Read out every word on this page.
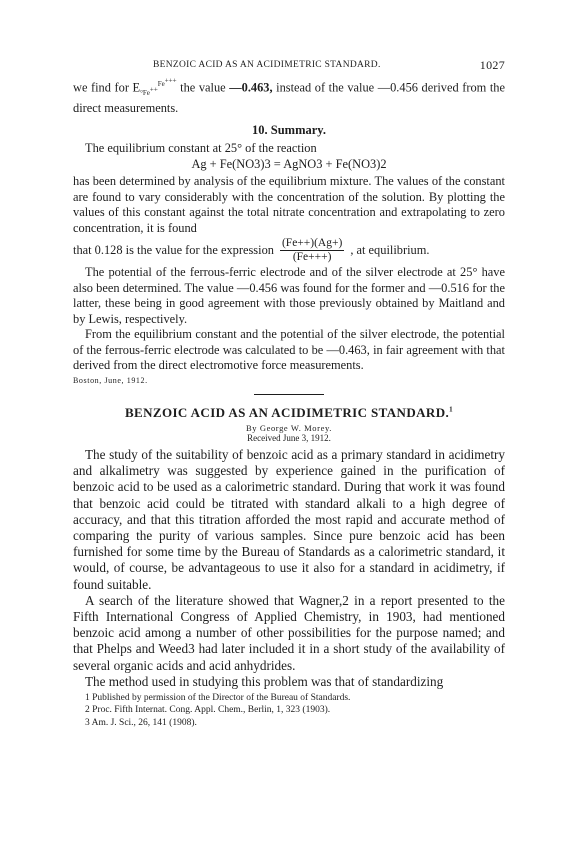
BENZOIC ACID AS AN ACIDIMETRIC STANDARD.	1027

we find for $E_{^\circ Fe^{++}}^{Fe^{+++}}$ the value —0.463, instead of the value —0.456 derived from the direct measurements.

10. Summary.

The equilibrium constant at 25° of the reaction

Ag + Fe(NO3)3 = AgNO3 + Fe(NO3)2

has been determined by analysis of the equilibrium mixture. The values of the constant are found to vary considerably with the concentration of the solution. By plotting the values of this constant against the total nitrate concentration and extrapolating to zero concentration, it is found

that 0.128 is the value for the expression $\frac{(Fe++)(Ag+)}{(Fe+++)}$ , at equilibrium.

The potential of the ferrous-ferric electrode and of the silver electrode at 25° have also been determined. The value —0.456 was found for the former and —0.516 for the latter, these being in good agreement with those previously obtained by Maitland and by Lewis, respectively.

From the equilibrium constant and the potential of the silver electrode, the potential of the ferrous-ferric electrode was calculated to be —0.463, in fair agreement with that derived from the direct electromotive force measurements.

Boston, June, 1912.
BENZOIC ACID AS AN ACIDIMETRIC STANDARD.$^1$
By George W. Morey.
Received June 3, 1912.

The study of the suitability of benzoic acid as a primary standard in acidimetry and alkalimetry was suggested by experience gained in the purification of benzoic acid to be used as a calorimetric standard. During that work it was found that benzoic acid could be titrated with standard alkali to a high degree of accuracy, and that this titration afforded the most rapid and accurate method of comparing the purity of various samples. Since pure benzoic acid has been furnished for some time by the Bureau of Standards as a calorimetric standard, it would, of course, be advantageous to use it also for a standard in acidimetry, if found suitable.

A search of the literature showed that Wagner,2 in a report presented to the Fifth International Congress of Applied Chemistry, in 1903, had mentioned benzoic acid among a number of other possibilities for the purpose named; and that Phelps and Weed3 had later included it in a short study of the availability of several organic acids and acid anhydrides.

The method used in studying this problem was that of standardizing

1 Published by permission of the Director of the Bureau of Standards.

2 Proc. Fifth Internat. Cong. Appl. Chem., Berlin, 1, 323 (1903).

3 Am. J. Sci., 26, 141 (1908).
